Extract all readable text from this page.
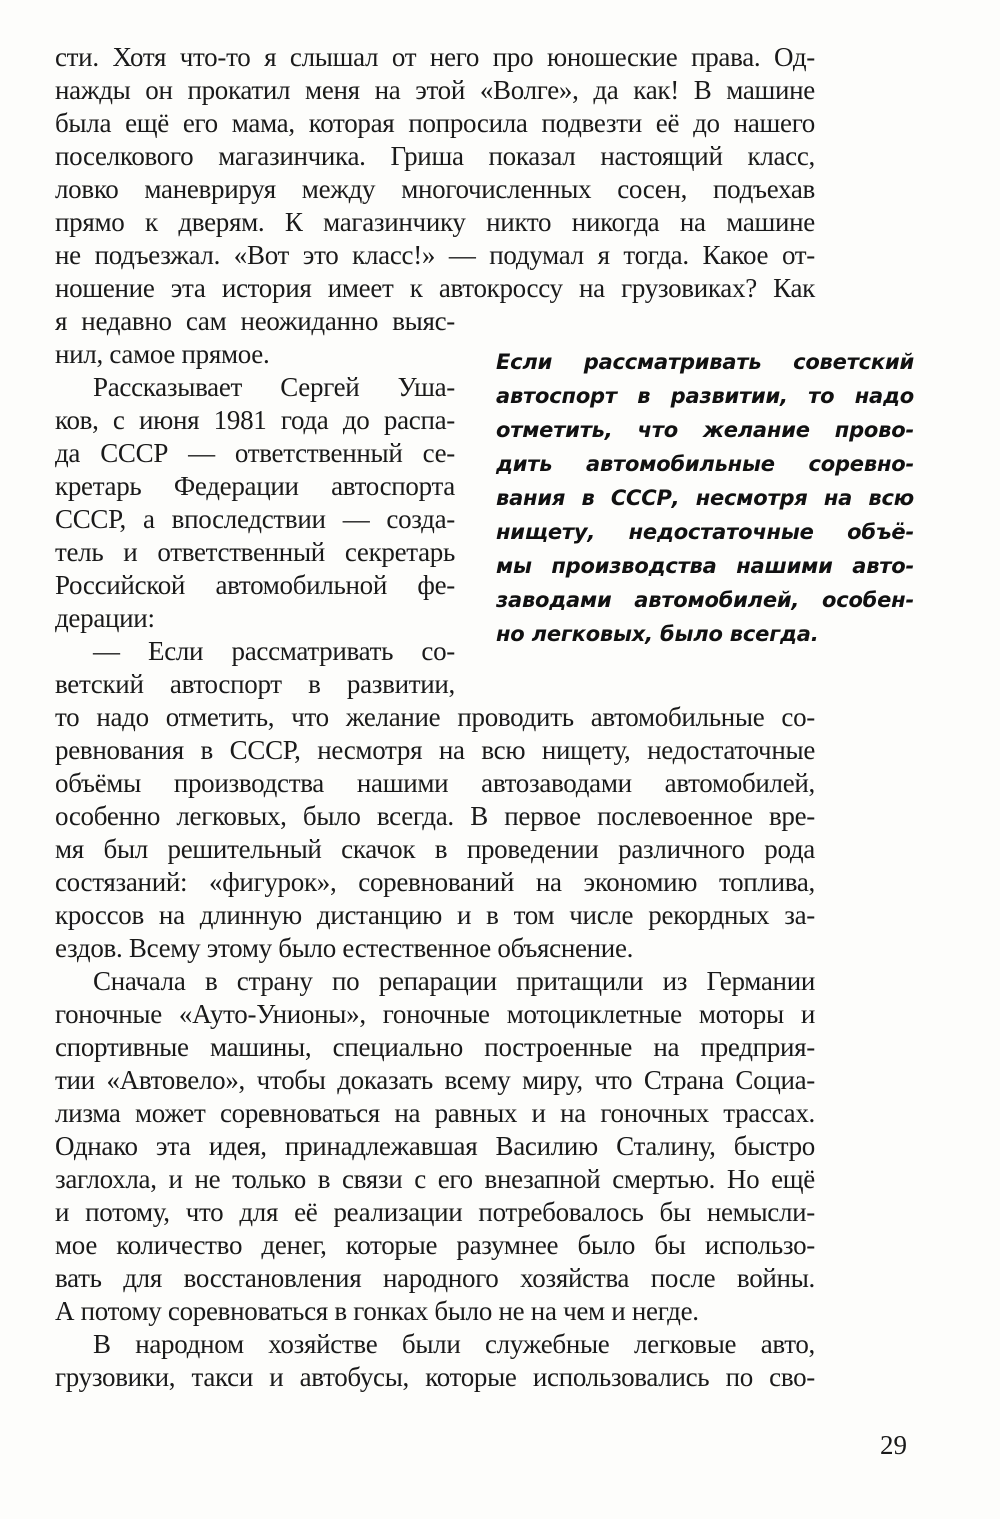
сти. Хотя что-то я слышал от него про юношеские права. Од-
нажды он прокатил меня на этой «Волге», да как! В машине
была ещё его мама, которая попросила подвезти её до нашего
поселкового магазинчика. Гриша показал настоящий класс,
ловко маневрируя между многочисленных сосен, подъехав
прямо к дверям. К магазинчику никто никогда на машине
не подъезжал. «Вот это класс!» — подумал я тогда. Какое от-
ношение эта история имеет к автокроссу на грузовиках? Как
я недавно сам неожиданно выяс-
нил, самое прямое.
Рассказывает Сергей Ушa-
ков, с июня 1981 года до распа-
да СССР — ответственный се-
кретарь Федерации автоспорта
СССР, а впоследствии — созда-
тель и ответственный секретарь
Российской автомобильной фе-
дерации:
— Если рассматривать со-
ветский автоспорт в развитии,
то надо отметить, что желание проводить автомобильные со-
ревнования в СССР, несмотря на всю нищету, недостаточные
объёмы производства нашими автозаводами автомобилей,
особенно легковых, было всегда. В первое послевоенное вре-
мя был решительный скачок в проведении различного рода
состязаний: «фигурок», соревнований на экономию топлива,
кроссов на длинную дистанцию и в том числе рекордных за-
ездов. Всему этому было естественное объяснение.
Сначала в страну по репарации притащили из Германии
гоночные «Ауто-Унионы», гоночные мотоциклетные моторы и
спортивные машины, специально построенные на предприя-
тии «Автовело», чтобы доказать всему миру, что Страна Социа-
лизма может соревноваться на равных и на гоночных трассах.
Однако эта идея, принадлежавшая Василию Сталину, быстро
заглохла, и не только в связи с его внезапной смертью. Но ещё
и потому, что для её реализации потребовалось бы немысли-
мое количество денег, которые разумнее было бы использо-
вать для восстановления народного хозяйства после войны.
А потому соревноваться в гонках было не на чем и негде.
В народном хозяйстве были служебные легковые авто,
грузовики, такси и автобусы, которые использовались по сво-
Если рассматривать советский
автоспорт в развитии, то надо
отметить, что желание прово-
дить автомобильные соревно-
вания в СССР, несмотря на всю
нищету, недостаточные объё-
мы производства нашими авто-
заводами автомобилей, особен-
но легковых, было всегда.
29
